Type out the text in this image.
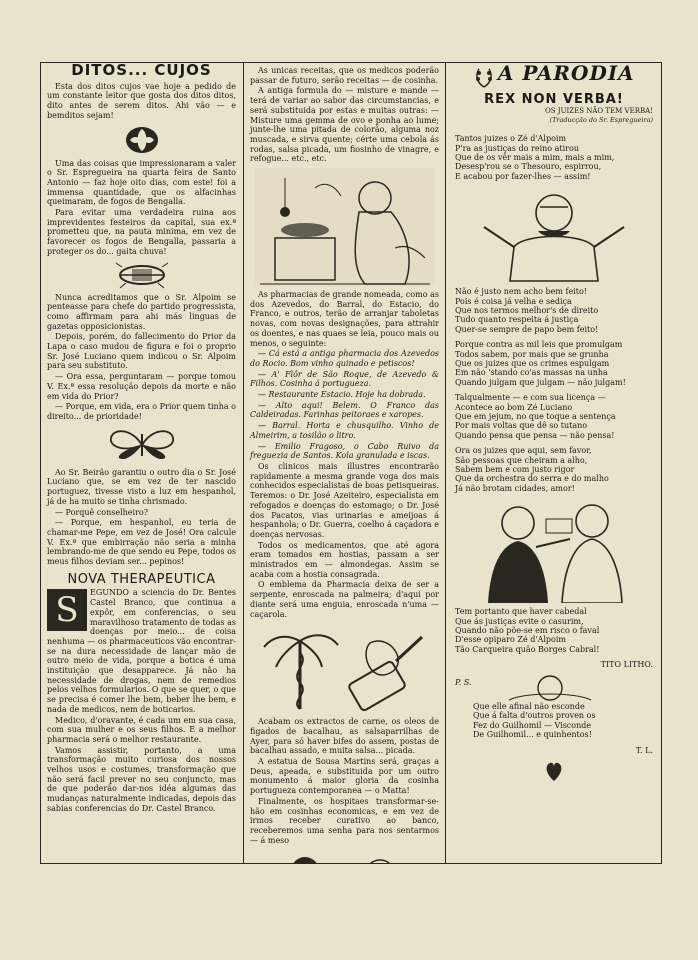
DITOS... CUJOS

Esta dos ditos cujos vae hoje a pedido de um constante leitor que gosta dos ditos ditos, dito antes de serem ditos. Ahi vão — e bemditos sejam!

Uma das coisas que impressionaram a valer o Sr. Espregueira na quarta feira de Santo Antonio — faz hoje oito dias, com este! foi a immensa quantidade, que os alfacinhas queimaram, de fogos de Bengalla.

Para evitar uma verdadeira ruina aos imprevidentes festeiros da capital, sua ex.ª prometteu que, na pauta minima, em vez de favorecer os fogos de Bengalla, passaria a proteger os do... gaita chuva!

Nunca acreditamos que o Sr. Alpoim se penteasse para chefe do partido progressista, como affirmam para ahi más linguas de gazetas opposicionistas.

Depois, porém, do fallecimento do Prior da Lapa o caso mudou de figura e foi o proprio Sr. José Luciano quem indicou o Sr. Alpoim para seu substituto.

— Ora essa, perguntaram — porque tomou V. Ex.ª essa resolução depois da morte e não em vida do Prior?

— Porque, em vida, era o Prior quem tinha o direito... de prioridade!

Ao Sr. Beirão garantiu o outro dia o Sr. José Luciano que, se em vez de ter nascido portuguez, tivesse visto a luz em hespanhol, já de ha muito se tinha chrismado.

— Porquê conselheiro?

— Porque, em hespanhol, eu teria de chamar-me Pepe, em vez de José! Ora calcule V. Ex.ª que embirração não seria a minha lembrando-me de que sendo eu Pepe, todos os meus filhos deviam ser... pepinos!

NOVA THERAPEUTICA
S	EGUNDO a sciencia do Dr. Bentes Castel Branco, que continua a expôr, em conferencias, o seu maravilhoso tratamento de todas as doenças por meio... de coisa nenhuma — os pharmaceuticos vão encontrar-se na dura necessidade de lançar mão de outro meio de vida, porque a botica é uma instituição que desapparece. Já não ha necessidade de drogas, nem de remedios pelos velhos formularios. O que se quer, o que se precisa é comer lhe bem, beber lhe bem, e nada de medicos, nem de boticarios.

Medico, d'oravante, é cada um em sua casa, com sua mulher e os seus filhos. E a melhor pharmacia será o melhor restaurante.

Vamos assistir, portanto, a uma transformação muito curiosa dos nossos velhos usos e costumes, transformação que não será facil prever no seu conjuncto, mas de que poderão dar-nos idéa algumas das mudanças naturalmente indicadas, depois das sabias conferencias do Dr. Castel Branco.

As unicas receitas, que os medicos poderão passar de futuro, serão receitas — de cosinha.

A antiga formula do — misture e mande — terá de variar ao sabor das circumstancias, e será substituida por estas e muitas outras: — Misture uma gemma de ovo e ponha ao lume; junte-lhe uma pitada de colorão, alguma noz muscada, e sirva quente; cérte uma cebola ás rodas, salsa picada, um fiosinho de vinagre, e refogue... etc., etc.

As pharmacias de grande nomeada, como as dos Azevedos, do Barral, do Estacio, do Franco, e outros, terão de arranjar taboletas novas, com novas designações, para attrahir os doentes, e nas quaes se leia, pouco mais ou menos, o seguinte:

— Cá está a antiga pharmacia dos Azevedos do Rocio. Bom vinho quinado e petiscos!

— A' Flôr de São Roque, de Azevedo & Filhos. Cosinha á portugueza.

— Restaurante Estacio. Hoje ha dobrada.

— Alto aqui! Belem. O Franco das Caldeiradas. Farinhas peitoraes e xaropes.

— Barral. Horta e chusquilho. Vinho de Almeirim, a tosilão o litro.

— Emilio Fragoso, o Cabo Ruivo da freguezia de Santos. Kola granulada e iscas.

Os clinicos mais illustres encontrarão rapidamente a mesma grande voga dos mais conhecidos especialistas de boas petisqueiras. Teremos: o Dr. José Azeiteiro, especialista em refogados e doenças do estomago; o Dr. José dos Pacatos, vias urinarias e ameijoas á hespanhola; o Dr. Guerra, coelho á caçadora e doenças nervosas.

Todos os medicamentos, que até agora eram tomados em hostias, passam a ser ministrados em — almondegas. Assim se acaba com a hostia consagrada.

O emblema da Pharmacia deixa de ser a serpente, enroscada na palmeira; d'aqui por diante será uma enguia, enroscada n'uma — caçarola.

Acabam os extractos de carne, os oleos de figados de bacalhau, as salsaparrilhas de Ayer, para só haver bifes do assem, postas de bacalhau assado, e muita salsa... picada.

A estatua de Sousa Martins será, graças a Deus, apeada, e substituida por um outro monumento á maior gloria da cosinha portugueza contemporanea — o Matta!

Finalmente, os hospitaes transformar-se-hão em cosinhas economicas, e em vez de irmos receber curativo ao banco, receberemos uma senha para nos sentarmos — á meso

A PARODIA
REX NON VERBA!
OS JUIZES NÃO TEM VERBA!
(Traducção do Sr. Espregueira)
Tantos juizes o Zé d'Alpoim
P'ra as justiças do reino atirou
Que de os vêr mais a mim, mais a mim,
Desesp'rou se o Thesouro, espirrou,
E acabou por fazer-lhes — assim!
Não é justo nem acho bem feito!
Pois é coisa já velha e sediça
Que nos termos melhor's de direito
Tudo quanto respeita á justiça
Quer-se sempre de papo bem feito!
Porque contra as mil leis que promulgam
Todos sabem, por mais que se grunha
Que os juizes que os crimes espulgam
Em não 'stando co'as massas na unha
Quando julgam que julgam — não julgam!
Talqualmente — e com sua licença —
Acontece ao bom Zé Luciano
Que em jejum, no que toque a sentença
Por mais voltas que dê so tutano
Quando pensa que pensa — não pensa!
Ora os juizes que aqui, sem favor,
São pessoas que cheiram a alho,
Sabem bem e com justo rigor
Que da orchestra do serra e do malho
Já não brotam cidades, amor!
Tem portanto que haver cabedal
Que ás justiças evite o casurim,
Quando não põe-se em risco o faval
D'esse opiparo Zé d'Alpoim
Tão Carqueira quão Borges Cabral!
TITO LITHO.
P. S.
Que elle afinal não esconde
Que á falta d'outros proven os
Fez do Guilhomil — Visconde
De Guilhomil... e quinhentos!
T. L.
